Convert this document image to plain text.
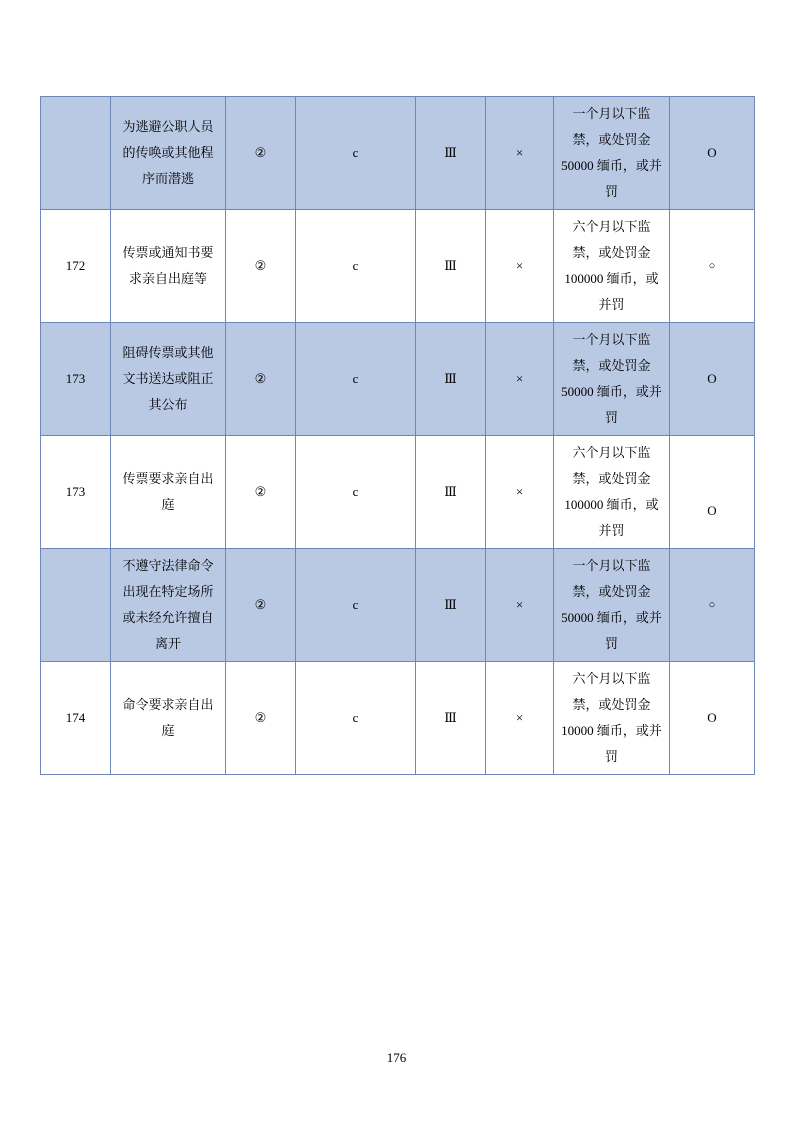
	为逃避公职人员的传唤或其他程序而潜逃	②	c	Ⅲ	×	一个月以下监禁，或处罚金 50000 缅币，或并罚	O
172	传票或通知书要求亲自出庭等	②	c	Ⅲ	×	六个月以下监禁，或处罚金 100000 缅币，或并罚	○
173	阻碍传票或其他文书送达或阻正其公布	②	c	Ⅲ	×	一个月以下监禁，或处罚金 50000 缅币，或并罚	O
173	传票要求亲自出庭	②	c	Ⅲ	×	六个月以下监禁，或处罚金 100000 缅币，或并罚	O
	不遵守法律命令出现在特定场所或未经允许擅自离开	②	c	Ⅲ	×	一个月以下监禁，或处罚金 50000 缅币，或并罚	○
174	命令要求亲自出庭	②	c	Ⅲ	×	六个月以下监禁，或处罚金 10000 缅币，或并罚	O
176
